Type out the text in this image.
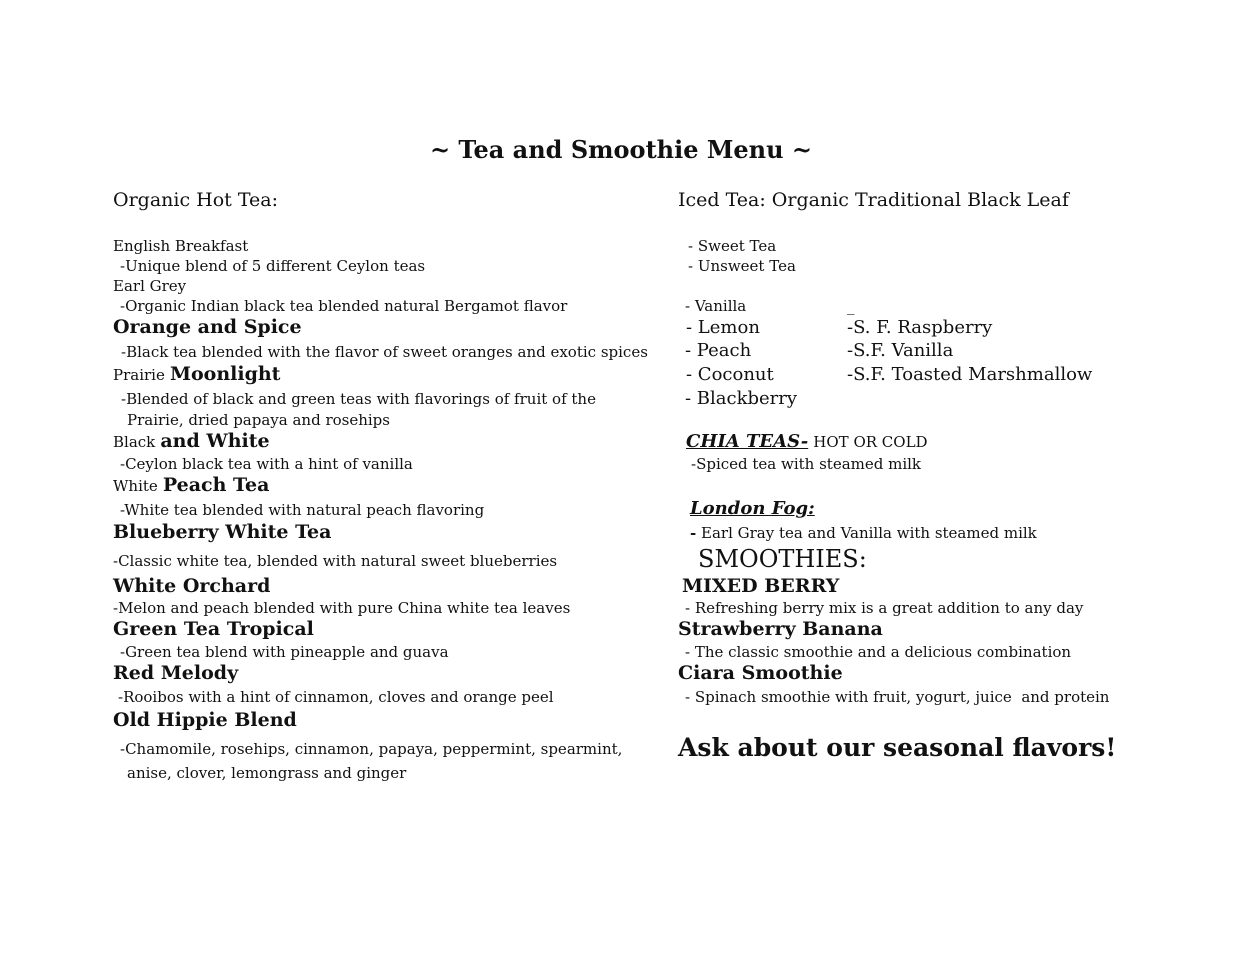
~ Tea and Smoothie Menu ~
Organic Hot Tea:
English Breakfast
-Unique blend of 5 different Ceylon teas
Earl Grey
-Organic Indian black tea blended natural Bergamot flavor
Orange and Spice
-Black tea blended with the flavor of sweet oranges and exotic spices
Prairie Moonlight
-Blended of black and green teas with flavorings of fruit of the
Prairie, dried papaya and rosehips
Black and White
-Ceylon black tea with a hint of vanilla
White Peach Tea
-White tea blended with natural peach flavoring
Blueberry White Tea
-Classic white tea, blended with natural sweet blueberries
White Orchard
-Melon and peach blended with pure China white tea leaves
Green Tea Tropical
-Green tea blend with pineapple and guava
Red Melody
-Rooibos with a hint of cinnamon, cloves and orange peel
Old Hippie Blend
-Chamomile, rosehips, cinnamon, papaya, peppermint, spearmint,
anise, clover, lemongrass and ginger
Iced Tea: Organic Traditional Black Leaf
- Sweet Tea
- Unsweet Tea
- Vanilla	_
- Lemon
- Peach
- Coconut
- Blackberry
-S. F. Raspberry
-S.F. Vanilla
-S.F. Toasted Marshmallow
CHIA TEAS- HOT OR COLD
-Spiced tea with steamed milk
London Fog:
- Earl Gray tea and Vanilla with steamed milk
SMOOTHIES:
MIXED BERRY
- Refreshing berry mix is a great addition to any day
Strawberry Banana
- The classic smoothie and a delicious combination
Ciara Smoothie
- Spinach smoothie with fruit, yogurt, juice  and protein
Ask about our seasonal flavors!
